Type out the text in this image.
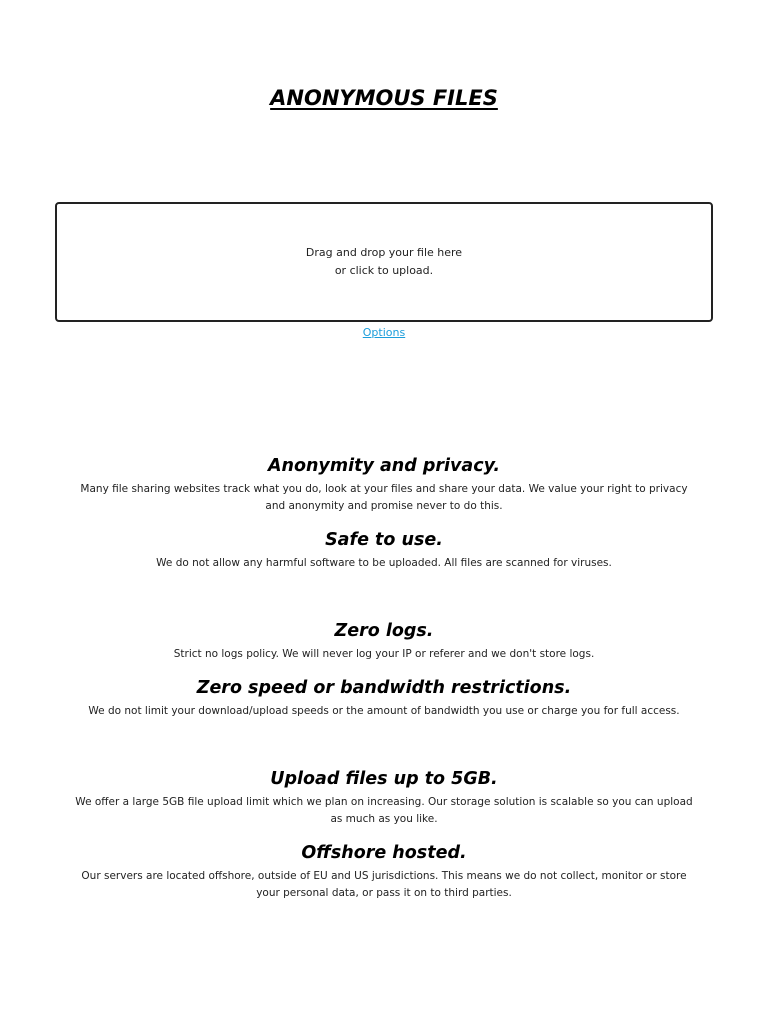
ANONYMOUS FILES
Drag and drop your file here
or click to upload.
Options
Anonymity and privacy.

Many file sharing websites track what you do, look at your files and share your data. We value your right to privacy and anonymity and promise never to do this.

Safe to use.

We do not allow any harmful software to be uploaded. All files are scanned for viruses.

Zero logs.

Strict no logs policy. We will never log your IP or referer and we don't store logs.

Zero speed or bandwidth restrictions.

We do not limit your download/upload speeds or the amount of bandwidth you use or charge you for full access.

Upload files up to 5GB.

We offer a large 5GB file upload limit which we plan on increasing. Our storage solution is scalable so you can upload as much as you like.

Offshore hosted.

Our servers are located offshore, outside of EU and US jurisdictions. This means we do not collect, monitor or store your personal data, or pass it on to third parties.
